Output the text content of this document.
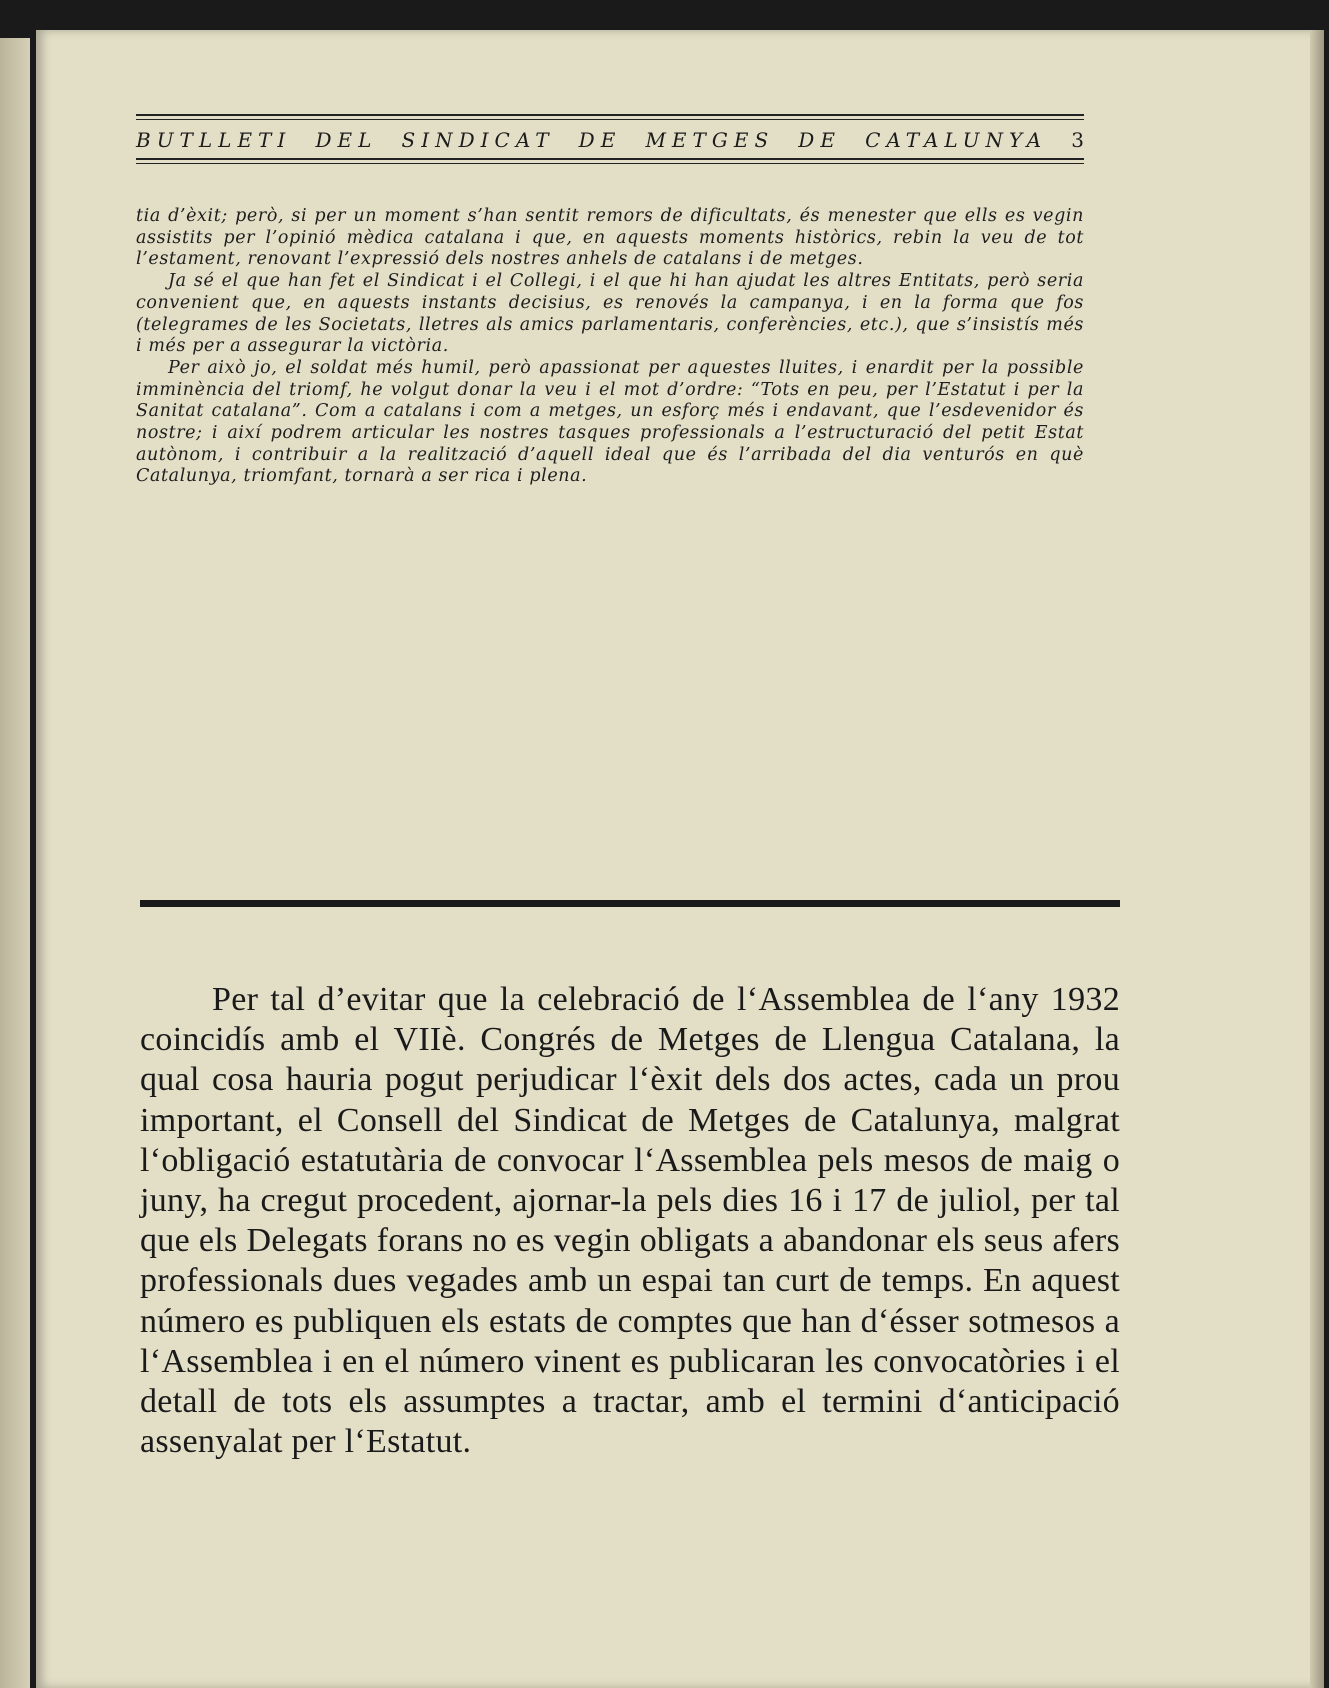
BUTLLETI DEL SINDICAT DE METGES DE CATALUNYA 3

tia d’èxit; però, si per un moment s’han sentit remors de dificultats, és menester que ells es vegin assistits per l’opinió mèdica catalana i que, en aquests moments històrics, rebin la veu de tot l’estament, renovant l’expressió dels nostres anhels de catalans i de metges.

Ja sé el que han fet el Sindicat i el Collegi, i el que hi han ajudat les altres Entitats, però seria convenient que, en aquests instants decisius, es renovés la campanya, i en la forma que fos (telegrames de les Societats, lletres als amics parlamentaris, conferències, etc.), que s’insistís més i més per a assegurar la victòria.

Per això jo, el soldat més humil, però apassionat per aquestes lluites, i enardit per la possible imminència del triomf, he volgut donar la veu i el mot d’ordre: “Tots en peu, per l’Estatut i per la Sanitat catalana”. Com a catalans i com a metges, un esforç més i endavant, que l’esdevenidor és nostre; i així podrem articular les nostres tasques professionals a l’estructuració del petit Estat autònom, i contribuir a la realització d’aquell ideal que és l’arribada del dia venturós en què Catalunya, triomfant, tornarà a ser rica i plena.

Per tal d’evitar que la celebració de l‘Assemblea de l‘any 1932 coincidís amb el VIIè. Congrés de Metges de Llengua Catalana, la qual cosa hauria pogut perjudicar l‘èxit dels dos actes, cada un prou important, el Consell del Sindicat de Metges de Catalunya, malgrat l‘obligació estatutària de convocar l‘Assemblea pels mesos de maig o juny, ha cregut procedent, ajornar-la pels dies 16 i 17 de juliol, per tal que els Delegats forans no es vegin obligats a abandonar els seus afers professionals dues vegades amb un espai tan curt de temps. En aquest número es publiquen els estats de comptes que han d‘ésser sotmesos a l‘Assemblea i en el número vinent es publicaran les convocatòries i el detall de tots els assumptes a tractar, amb el termini d‘anticipació assenyalat per l‘Estatut.
